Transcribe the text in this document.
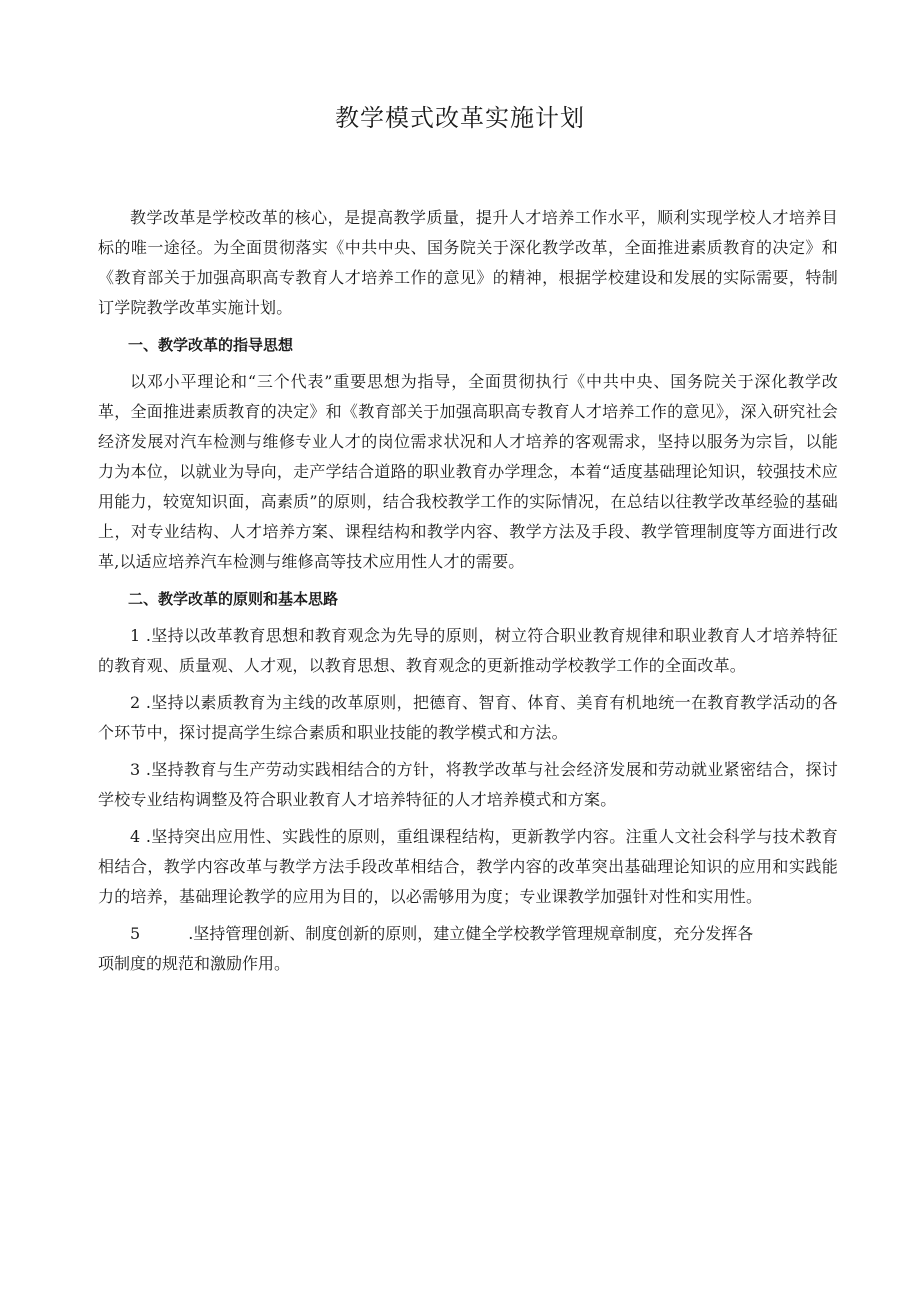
教学模式改革实施计划

教学改革是学校改革的核心，是提高教学质量，提升人才培养工作水平，顺利实现学校人才培养目标的唯一途径。为全面贯彻落实《中共中央、国务院关于深化教学改革，全面推进素质教育的决定》和《教育部关于加强高职高专教育人才培养工作的意见》的精神，根据学校建设和发展的实际需要，特制订学院教学改革实施计划。

一、教学改革的指导思想

以邓小平理论和“三个代表”重要思想为指导，全面贯彻执行《中共中央、国务院关于深化教学改革，全面推进素质教育的决定》和《教育部关于加强高职高专教育人才培养工作的意见》，深入研究社会经济发展对汽车检测与维修专业人才的岗位需求状况和人才培养的客观需求，坚持以服务为宗旨，以能力为本位，以就业为导向，走产学结合道路的职业教育办学理念，本着“适度基础理论知识，较强技术应用能力，较宽知识面，高素质”的原则，结合我校教学工作的实际情况，在总结以往教学改革经验的基础上，对专业结构、人才培养方案、课程结构和教学内容、教学方法及手段、教学管理制度等方面进行改革,以适应培养汽车检测与维修高等技术应用性人才的需要。

二、教学改革的原则和基本思路

1 .坚持以改革教育思想和教育观念为先导的原则，树立符合职业教育规律和职业教育人才培养特征的教育观、质量观、人才观，以教育思想、教育观念的更新推动学校教学工作的全面改革。

2 .坚持以素质教育为主线的改革原则，把德育、智育、体育、美育有机地统一在教育教学活动的各个环节中，探讨提高学生综合素质和职业技能的教学模式和方法。

3 .坚持教育与生产劳动实践相结合的方针，将教学改革与社会经济发展和劳动就业紧密结合，探讨学校专业结构调整及符合职业教育人才培养特征的人才培养模式和方案。

4 .坚持突出应用性、实践性的原则，重组课程结构，更新教学内容。注重人文社会科学与技术教育相结合，教学内容改革与教学方法手段改革相结合，教学内容的改革突出基础理论知识的应用和实践能力的培养，基础理论教学的应用为目的，以必需够用为度；专业课教学加强针对性和实用性。

5	.坚持管理创新、制度创新的原则，建立健全学校教学管理规章制度，充分发挥各
项制度的规范和激励作用。
